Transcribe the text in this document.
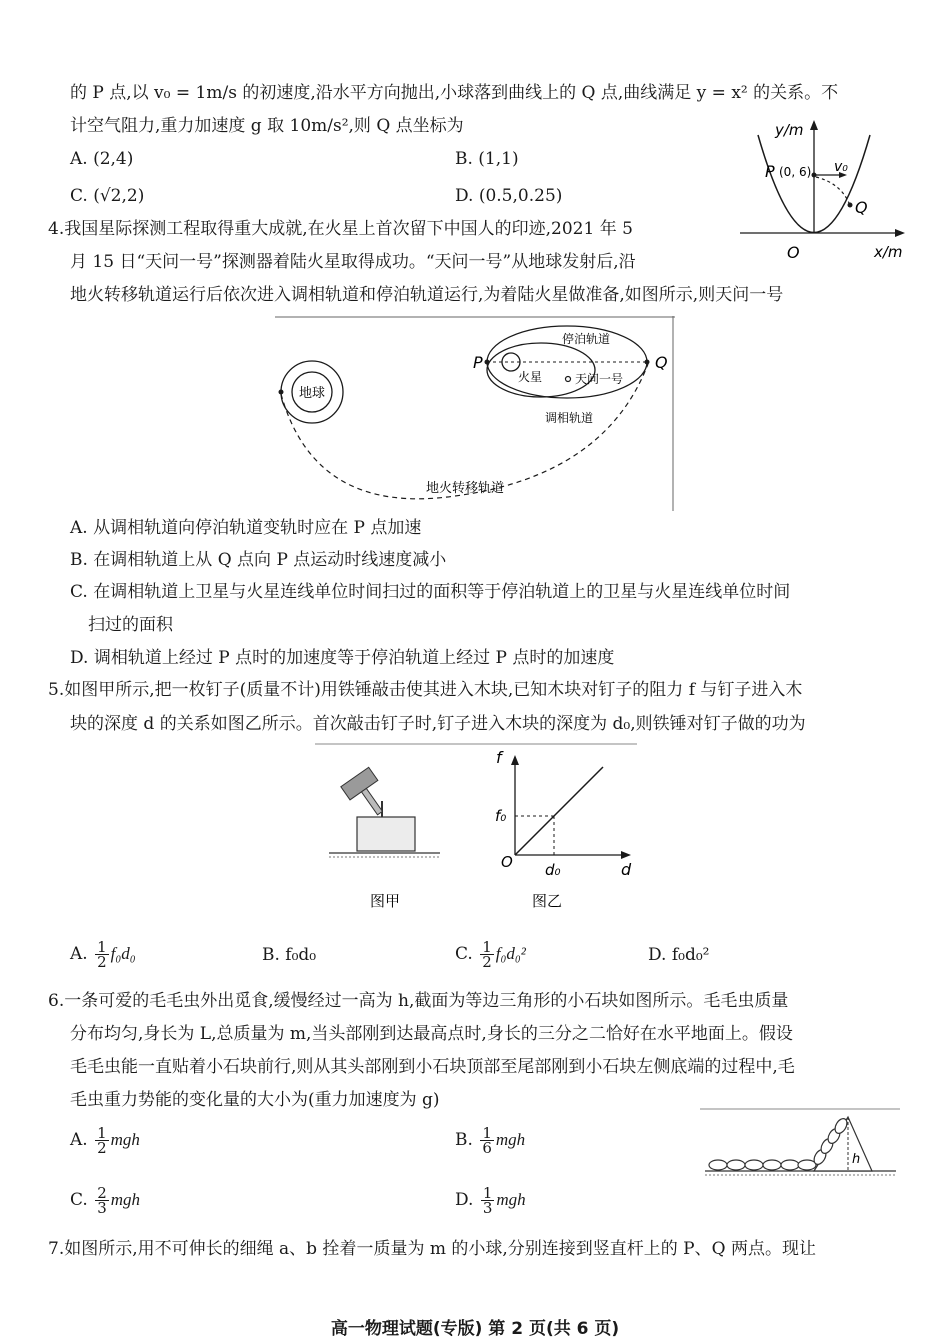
的 P 点,以 v₀ = 1m/s 的初速度,沿水平方向抛出,小球落到曲线上的 Q 点,曲线满足 y = x² 的关系。不
计空气阻力,重力加速度 g 取 10m/s²,则 Q 点坐标为
A. (2,4)	B. (1,1)
C. (√2,2)	D. (0.5,0.25)
y/m
x/m
O
P (0, 6) v₀
Q
4.我国星际探测工程取得重大成就,在火星上首次留下中国人的印迹,2021 年 5
月 15 日“天问一号”探测器着陆火星取得成功。“天问一号”从地球发射后,沿
地火转移轨道运行后依次进入调相轨道和停泊轨道运行,为着陆火星做准备,如图所示,则天问一号
地球
地火转移轨道
P	Q
火星	天问一号
停泊轨道
调相轨道
A. 从调相轨道向停泊轨道变轨时应在 P 点加速
B. 在调相轨道上从 Q 点向 P 点运动时线速度减小
C. 在调相轨道上卫星与火星连线单位时间扫过的面积等于停泊轨道上的卫星与火星连线单位时间
扫过的面积
D. 调相轨道上经过 P 点时的加速度等于停泊轨道上经过 P 点时的加速度
5.如图甲所示,把一枚钉子(质量不计)用铁锤敲击使其进入木块,已知木块对钉子的阻力 f 与钉子进入木
块的深度 d 的关系如图乙所示。首次敲击钉子时,钉子进入木块的深度为 d₀,则铁锤对钉子做的功为
图甲
f
d
f₀
d₀
O
图乙
A. $\frac{1}{2} f_0d_0$	B. f₀d₀	C. $\frac{1}{2} f_0d_0^2$	D. f₀d₀²
6.一条可爱的毛毛虫外出觅食,缓慢经过一高为 h,截面为等边三角形的小石块如图所示。毛毛虫质量
分布均匀,身长为 L,总质量为 m,当头部刚到达最高点时,身长的三分之二恰好在水平地面上。假设
毛毛虫能一直贴着小石块前行,则从其头部刚到小石块顶部至尾部刚到小石块左侧底端的过程中,毛
毛虫重力势能的变化量的大小为(重力加速度为 g)
h
A. $\frac{1}{2}$ mgh	B. $\frac{1}{6}$ mgh
C. $\frac{2}{3}$ mgh	D. $\frac{1}{3}$ mgh
7.如图所示,用不可伸长的细绳 a、b 拴着一质量为 m 的小球,分别连接到竖直杆上的 P、Q 两点。现让
高一物理试题(专版) 第 2 页(共 6 页)
